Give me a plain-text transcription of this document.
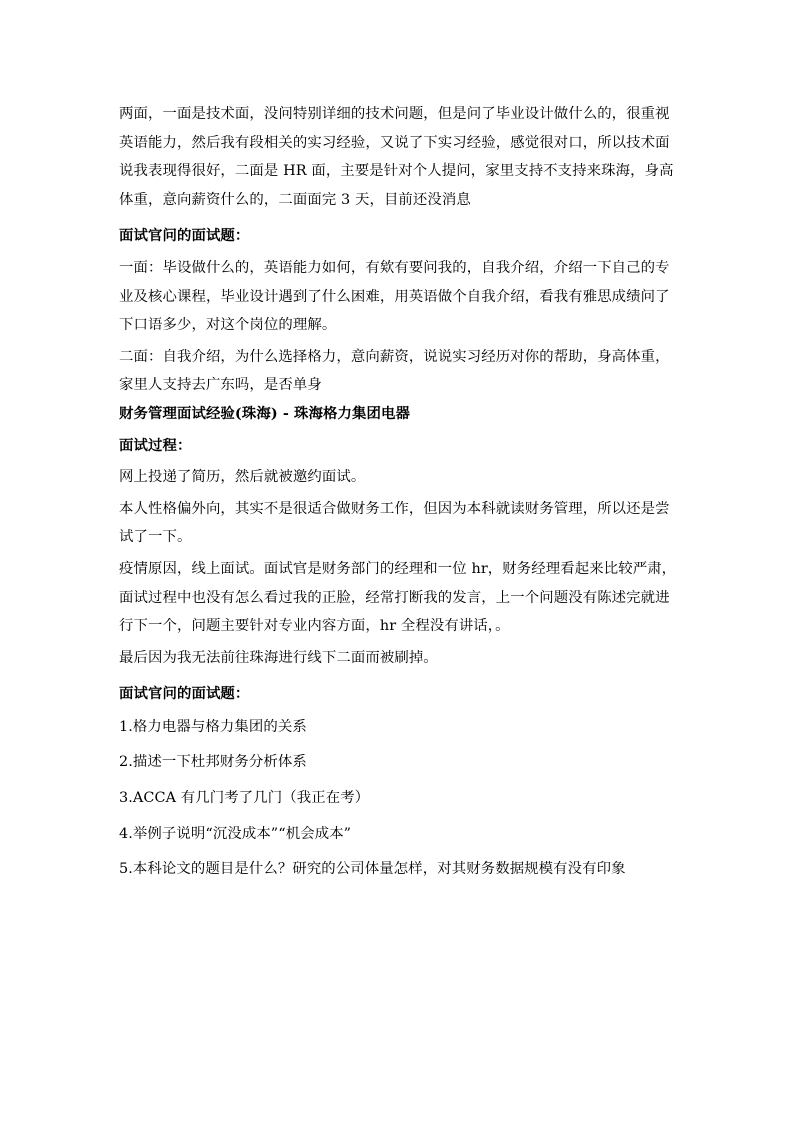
两面，一面是技术面，没问特别详细的技术问题，但是问了毕业设计做什么的，很重视英语能力，然后我有段相关的实习经验，又说了下实习经验，感觉很对口，所以技术面说我表现得很好，二面是 HR 面，主要是针对个人提问，家里支持不支持来珠海，身高体重，意向薪资什么的，二面面完 3 天，目前还没消息

面试官问的面试题：

一面：毕设做什么的，英语能力如何，有欸有要问我的，自我介绍，介绍一下自己的专业及核心课程，毕业设计遇到了什么困难，用英语做个自我介绍，看我有雅思成绩问了下口语多少，对这个岗位的理解。

二面：自我介绍，为什么选择格力，意向薪资，说说实习经历对你的帮助，身高体重，家里人支持去广东吗，是否单身

财务管理面试经验(珠海) - 珠海格力集团电器

面试过程：

网上投递了简历，然后就被邀约面试。

本人性格偏外向，其实不是很适合做财务工作，但因为本科就读财务管理，所以还是尝试了一下。

疫情原因，线上面试。面试官是财务部门的经理和一位 hr，财务经理看起来比较严肃，面试过程中也没有怎么看过我的正脸，经常打断我的发言，上一个问题没有陈述完就进行下一个，问题主要针对专业内容方面，hr 全程没有讲话，。

最后因为我无法前往珠海进行线下二面而被刷掉。

面试官问的面试题：

1.格力电器与格力集团的关系

2.描述一下杜邦财务分析体系

3.ACCA 有几门考了几门（我正在考）

4.举例子说明“沉没成本”“机会成本”

5.本科论文的题目是什么？研究的公司体量怎样，对其财务数据规模有没有印象
